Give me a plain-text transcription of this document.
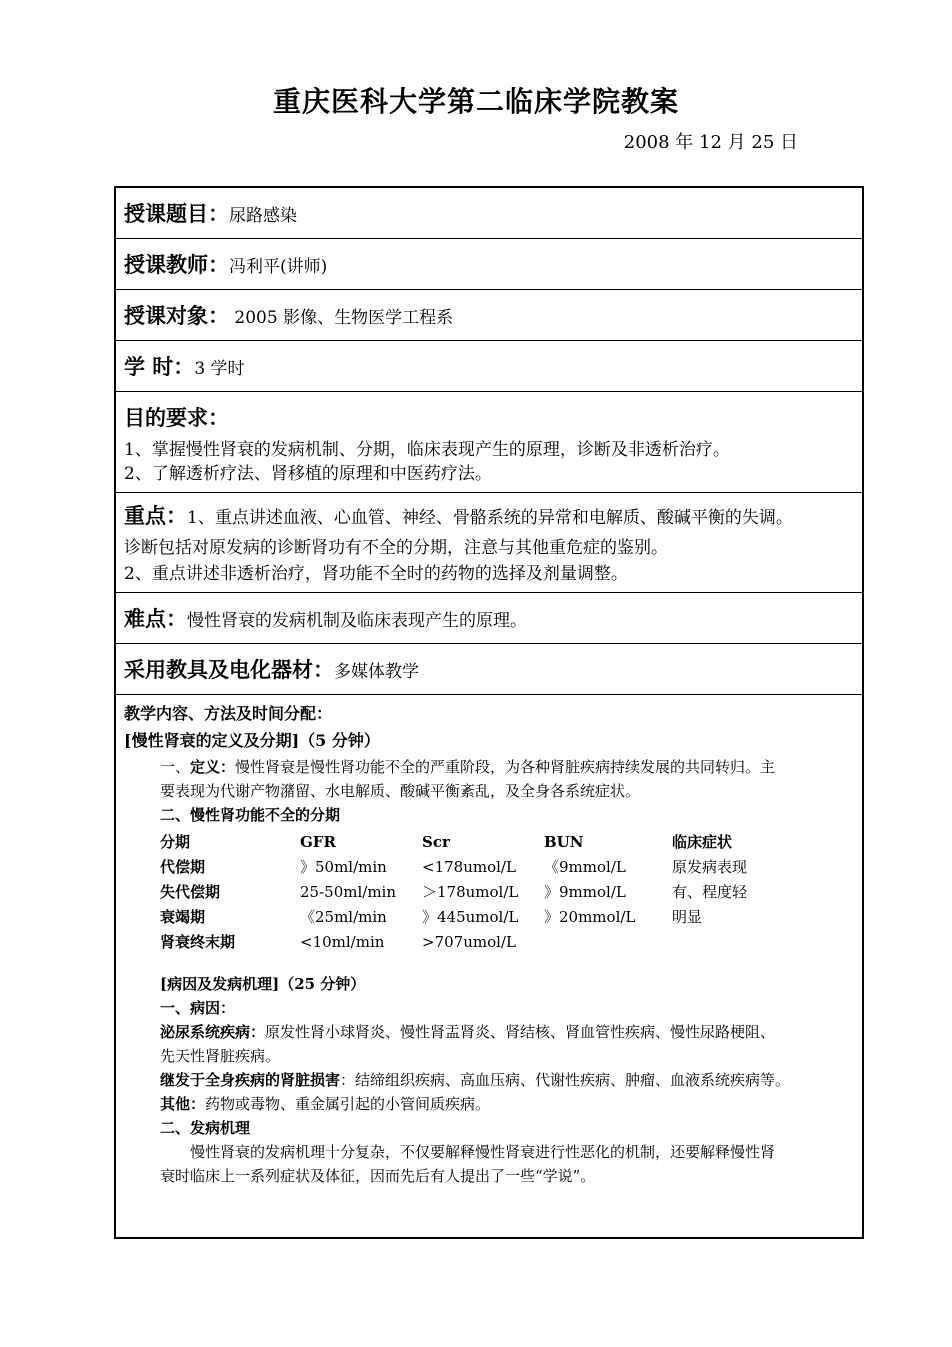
重庆医科大学第二临床学院教案
2008 年 12 月 25 日
授课题目： 尿路感染
授课教师： 冯利平(讲师)
授课对象： 2005 影像、生物医学工程系
学 时： 3 学时
目的要求：
1、掌握慢性肾衰的发病机制、分期，临床表现产生的原理，诊断及非透析治疗。
2、了解透析疗法、肾移植的原理和中医药疗法。
重点：1、重点讲述血液、心血管、神经、骨骼系统的异常和电解质、酸碱平衡的失调。
诊断包括对原发病的诊断肾功有不全的分期，注意与其他重危症的鉴别。
2、重点讲述非透析治疗，肾功能不全时的药物的选择及剂量调整。
难点： 慢性肾衰的发病机制及临床表现产生的原理。
采用教具及电化器材： 多媒体教学
教学内容、方法及时间分配：
[慢性肾衰的定义及分期]（5 分钟）
一、定义：慢性肾衰是慢性肾功能不全的严重阶段，为各种肾脏疾病持续发展的共同转归。主
要表现为代谢产物潴留、水电解质、酸碱平衡紊乱，及全身各系统症状。
二、慢性肾功能不全的分期
分期	GFR	Scr	BUN	临床症状
代偿期	》50ml/min	<178umol/L	《9mmol/L	原发病表现
失代偿期	25-50ml/min	＞178umol/L	》9mmol/L	有、程度轻
衰竭期	《25ml/min	》445umol/L	》20mmol/L	明显
肾衰终末期	<10ml/min	>707umol/L
[病因及发病机理]（25 分钟）
一、病因：
泌尿系统疾病：原发性肾小球肾炎、慢性肾盂肾炎、肾结核、肾血管性疾病、慢性尿路梗阻、
先天性肾脏疾病。
继发于全身疾病的肾脏损害：结缔组织疾病、高血压病、代谢性疾病、肿瘤、血液系统疾病等。
其他：药物或毒物、重金属引起的小管间质疾病。
二、发病机理
慢性肾衰的发病机理十分复杂，不仅要解释慢性肾衰进行性恶化的机制，还要解释慢性肾
衰时临床上一系列症状及体征，因而先后有人提出了一些“学说”。
